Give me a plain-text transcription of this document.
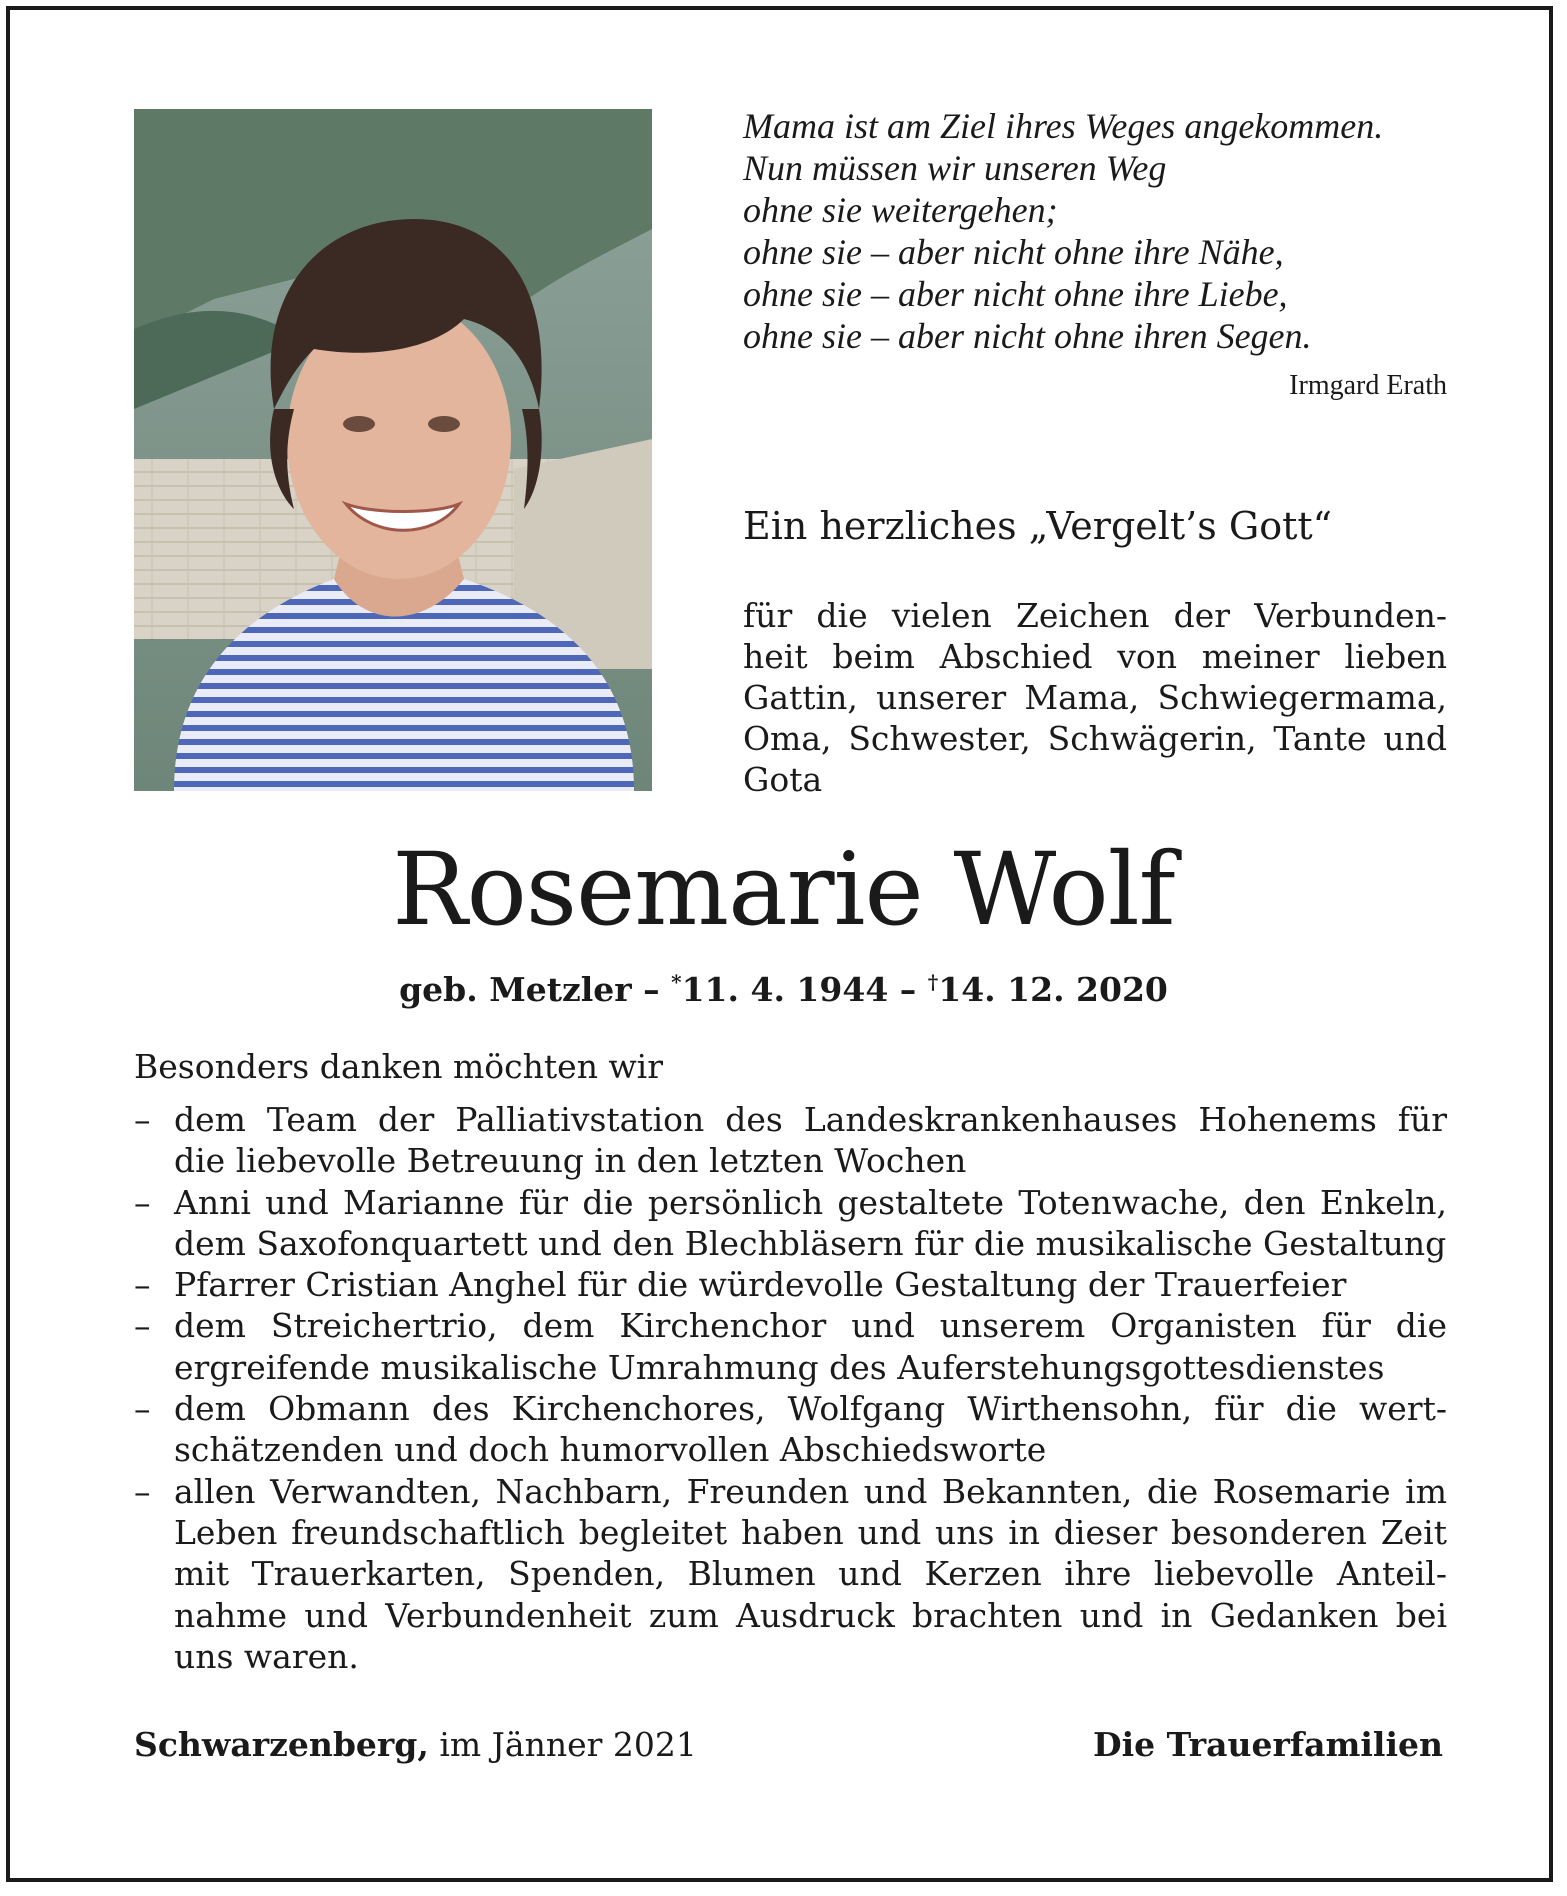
Mama ist am Ziel ihres Weges angekommen.
Nun müssen wir unseren Weg
ohne sie weitergehen;
ohne sie – aber nicht ohne ihre Nähe,
ohne sie – aber nicht ohne ihre Liebe,
ohne sie – aber nicht ohne ihren Segen.
Irmgard Erath
Ein herzliches „Vergelt’s Gott“
für die vielen Zeichen der Verbunden-
heit beim Abschied von meiner lieben
Gattin, unserer Mama, Schwiegermama,
Oma, Schwester, Schwägerin, Tante und
Gota
Rosemarie Wolf
geb. Metzler – *11. 4. 1944 – †14. 12. 2020
Besonders danken möchten wir
– dem Team der Palliativstation des Landeskrankenhauses Hohenems für
die liebevolle Betreuung in den letzten Wochen
– Anni und Marianne für die persönlich gestaltete Totenwache, den Enkeln,
dem Saxofonquartett und den Blechbläsern für die musikalische Gestaltung
– Pfarrer Cristian Anghel für die würdevolle Gestaltung der Trauerfeier
– dem Streichertrio, dem Kirchenchor und unserem Organisten für die
ergreifende musikalische Umrahmung des Auferstehungsgottesdienstes
– dem Obmann des Kirchenchores, Wolfgang Wirthensohn, für die wert-
schätzenden und doch humorvollen Abschiedsworte
– allen Verwandten, Nachbarn, Freunden und Bekannten, die Rosemarie im
Leben freundschaftlich begleitet haben und uns in dieser besonderen Zeit
mit Trauerkarten, Spenden, Blumen und Kerzen ihre liebevolle Anteil-
nahme und Verbundenheit zum Ausdruck brachten und in Gedanken bei
uns waren.
Schwarzenberg, im Jänner 2021	Die Trauerfamilien
